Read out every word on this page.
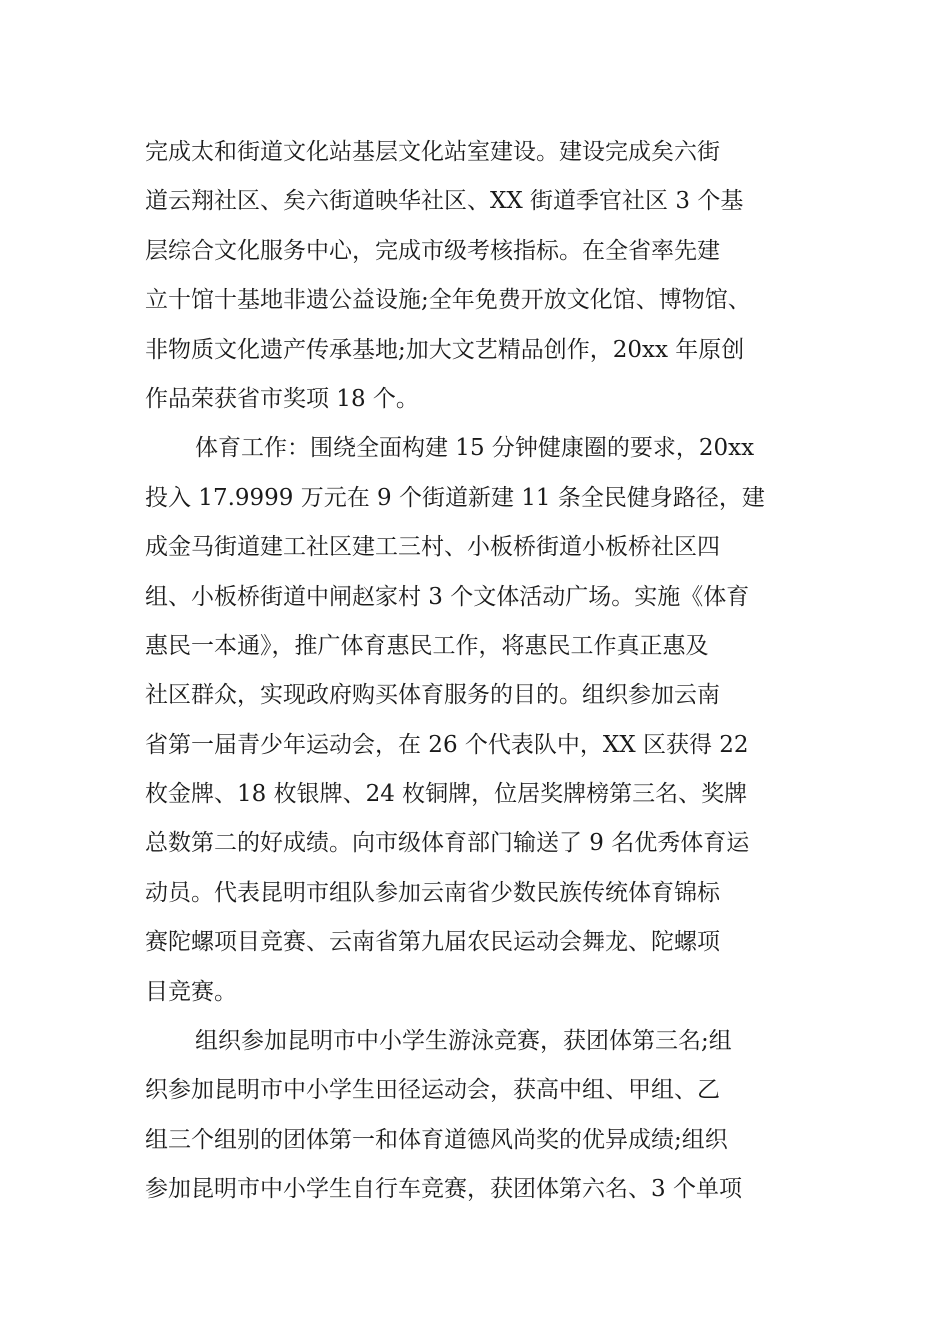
完成太和街道文化站基层文化站室建设。建设完成矣六街
道云翔社区、矣六街道映华社区、XX 街道季官社区 3 个基
层综合文化服务中心，完成市级考核指标。在全省率先建
立十馆十基地非遗公益设施;全年免费开放文化馆、博物馆、
非物质文化遗产传承基地;加大文艺精品创作，20xx 年原创
作品荣获省市奖项 18 个。
体育工作：围绕全面构建 15 分钟健康圈的要求，20xx
投入 17.9999 万元在 9 个街道新建 11 条全民健身路径，建
成金马街道建工社区建工三村、小板桥街道小板桥社区四
组、小板桥街道中闸赵家村 3 个文体活动广场。实施《体育
惠民一本通》，推广体育惠民工作，将惠民工作真正惠及
社区群众，实现政府购买体育服务的目的。组织参加云南
省第一届青少年运动会，在 26 个代表队中，XX 区获得 22
枚金牌、18 枚银牌、24 枚铜牌，位居奖牌榜第三名、奖牌
总数第二的好成绩。向市级体育部门输送了 9 名优秀体育运
动员。代表昆明市组队参加云南省少数民族传统体育锦标
赛陀螺项目竞赛、云南省第九届农民运动会舞龙、陀螺项
目竞赛。
组织参加昆明市中小学生游泳竞赛，获团体第三名;组
织参加昆明市中小学生田径运动会，获高中组、甲组、乙
组三个组别的团体第一和体育道德风尚奖的优异成绩;组织
参加昆明市中小学生自行车竞赛，获团体第六名、3 个单项
